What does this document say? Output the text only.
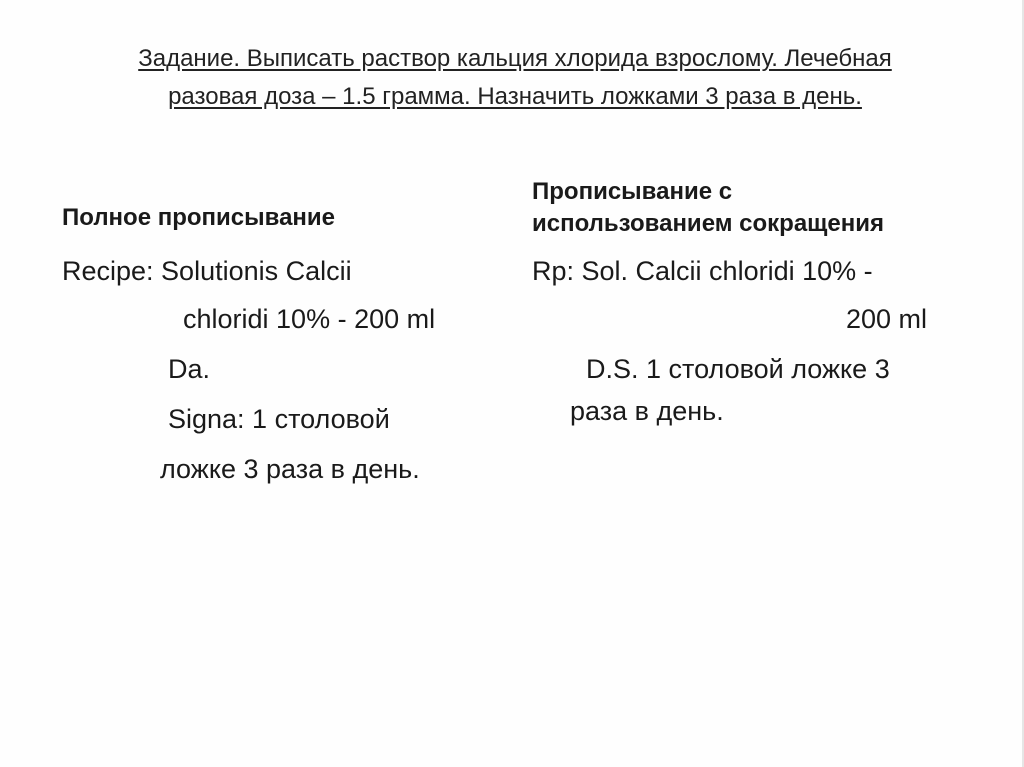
Задание. Выписать раствор кальция хлорида взрослому. Лечебная
разовая доза – 1.5 грамма. Назначить ложками 3 раза в день.
Полное прописывание
Recipe: Solutionis Calcii
chloridi 10% - 200 ml
Da.
Signa: 1 столовой
ложке 3 раза в день.
Прописывание с
использованием сокращения
Rp: Sol. Calcii chloridi 10% -
200 ml
D.S. 1 столовой ложке 3
раза в день.
